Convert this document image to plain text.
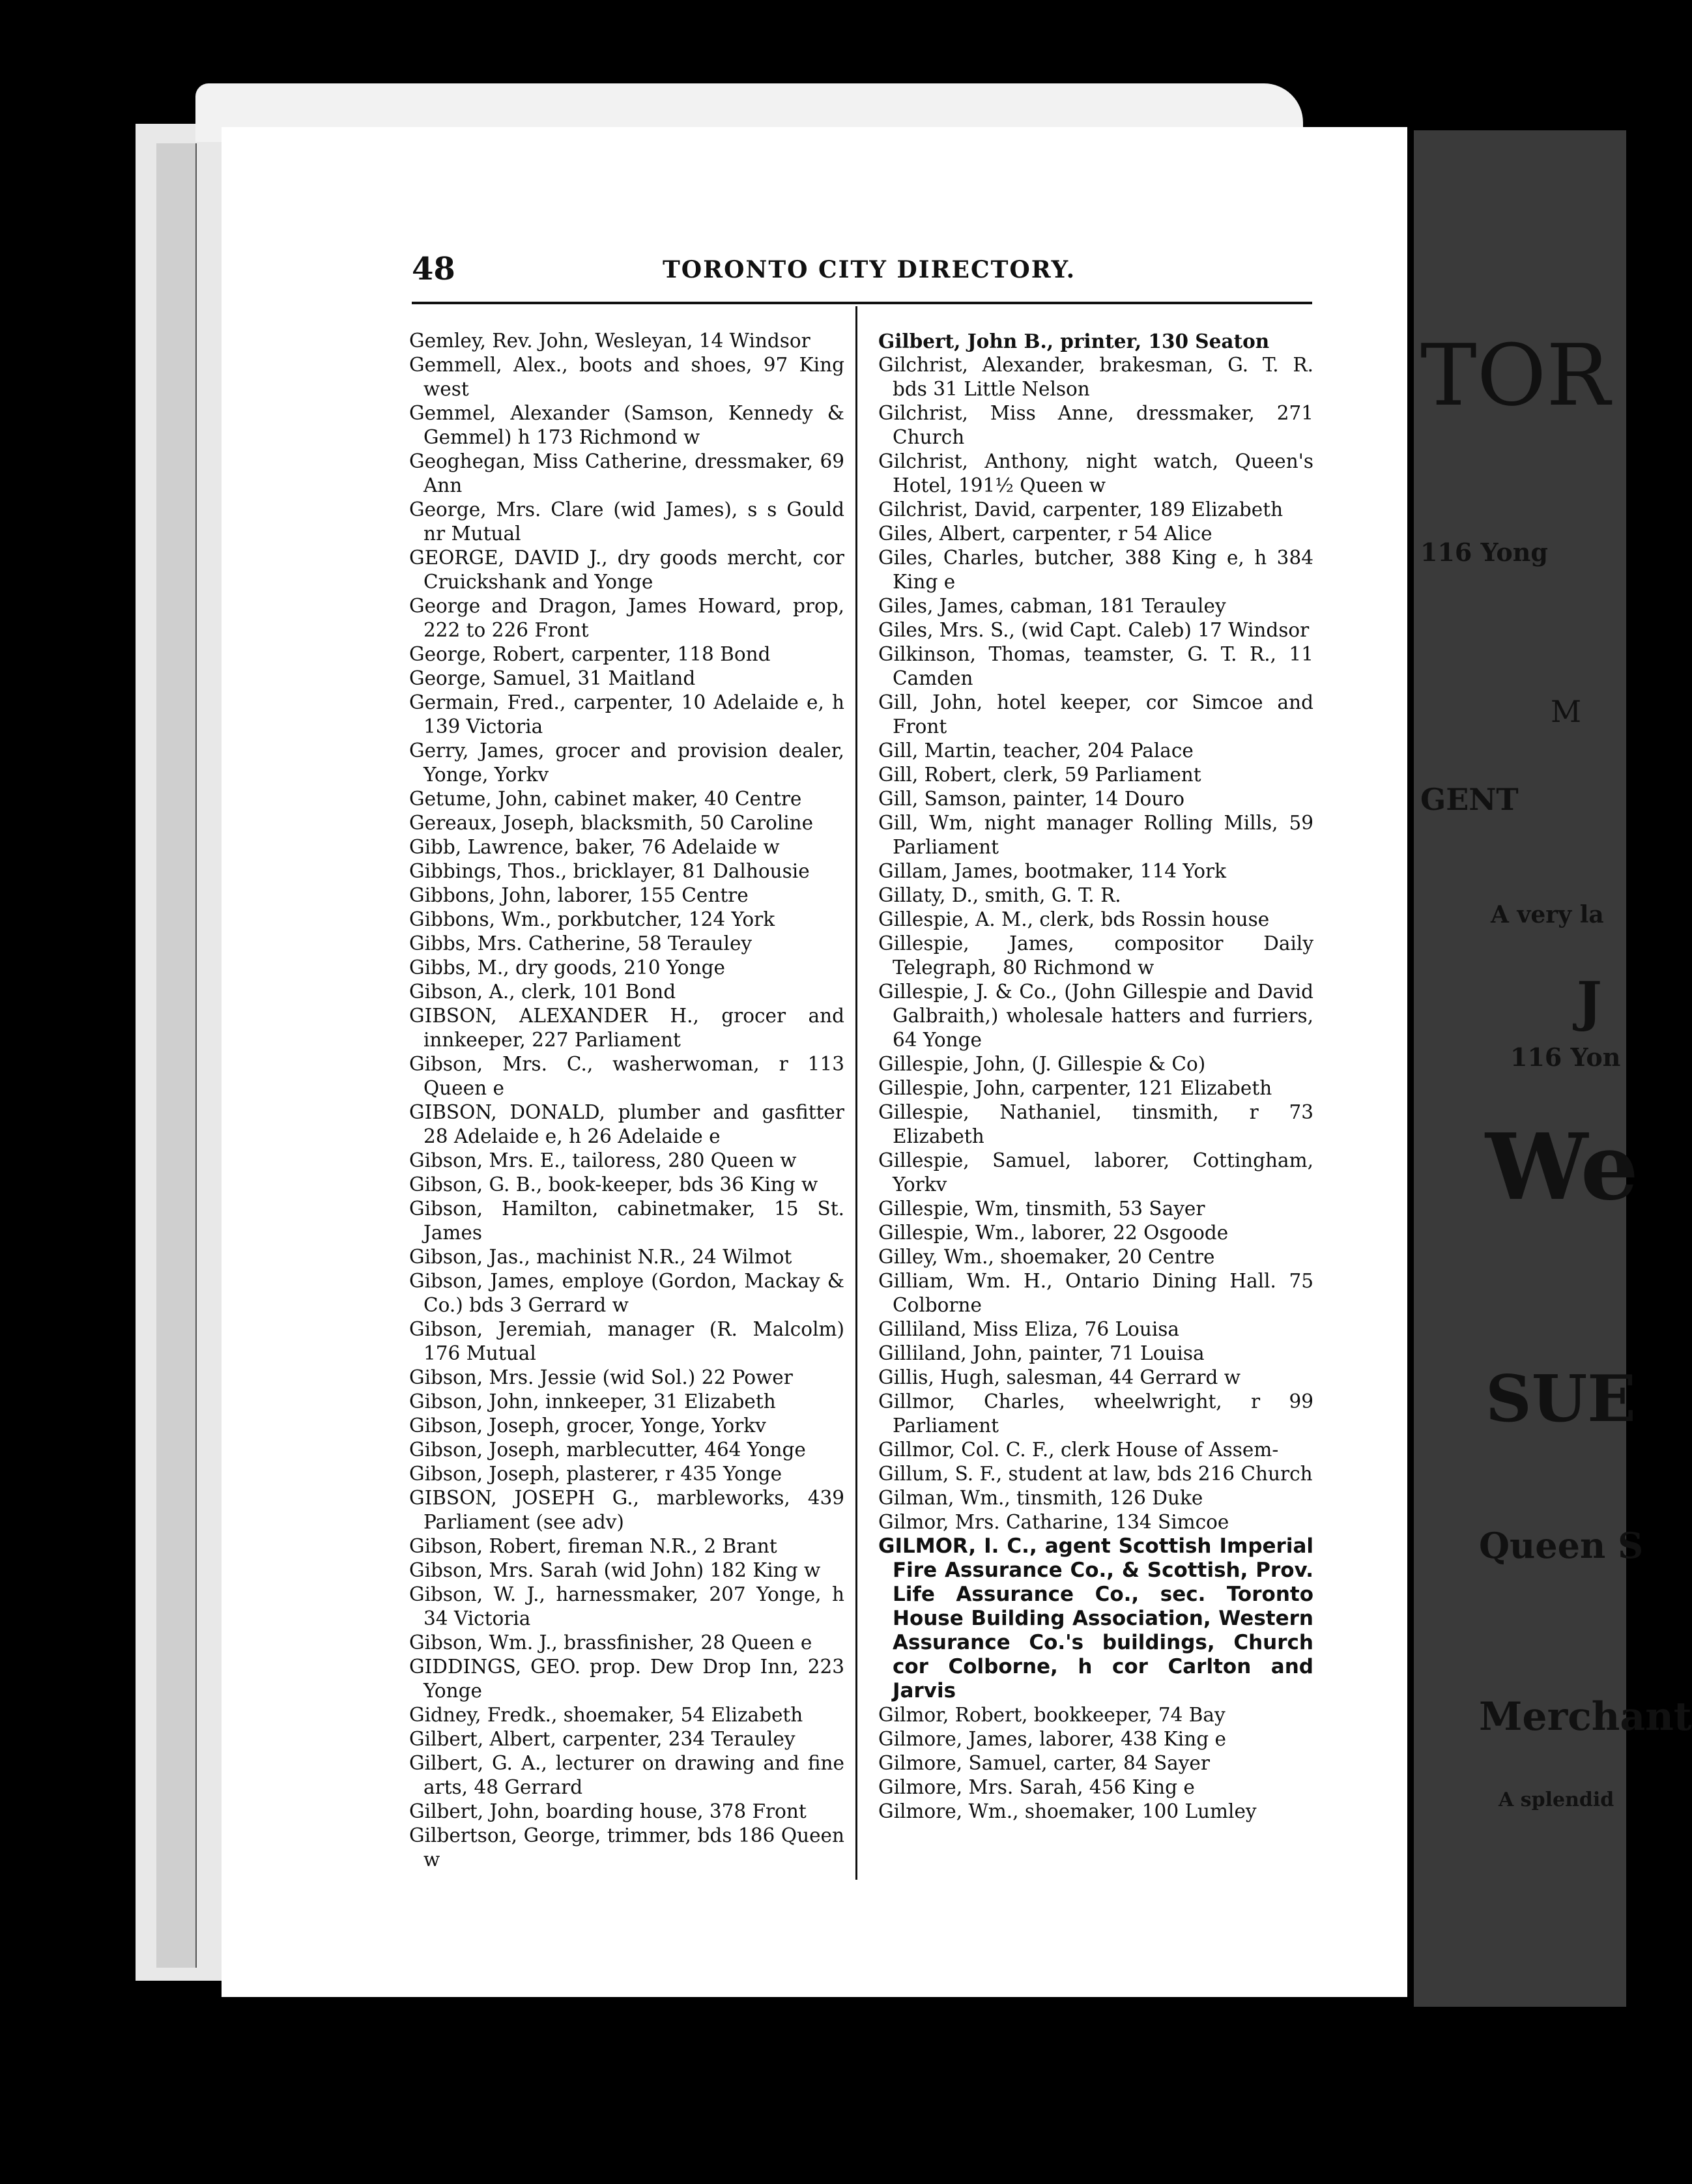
TOR
116 Yong
M
GENT
A very la
J
116 Yon
We
SUE
Queen S
Merchant
A splendid
48	TORONTO CITY DIRECTORY.
Gemley, Rev. John, Wesleyan, 14 Windsor
Gemmell, Alex., boots and shoes, 97 King west
Gemmel, Alexander (Samson, Kennedy & Gemmel) h 173 Richmond w
Geoghegan, Miss Catherine, dressmaker, 69 Ann
George, Mrs. Clare (wid James), s s Gould nr Mutual
GEORGE, DAVID J., dry goods mercht, cor Cruickshank and Yonge
George and Dragon, James Howard, prop, 222 to 226 Front
George, Robert, carpenter, 118 Bond
George, Samuel, 31 Maitland
Germain, Fred., carpenter, 10 Adelaide e, h 139 Victoria
Gerry, James, grocer and provision dealer, Yonge, Yorkv
Getume, John, cabinet maker, 40 Centre
Gereaux, Joseph, blacksmith, 50 Caroline
Gibb, Lawrence, baker, 76 Adelaide w
Gibbings, Thos., bricklayer, 81 Dalhousie
Gibbons, John, laborer, 155 Centre
Gibbons, Wm., porkbutcher, 124 York
Gibbs, Mrs. Catherine, 58 Terauley
Gibbs, M., dry goods, 210 Yonge
Gibson, A., clerk, 101 Bond
GIBSON, ALEXANDER H., grocer and innkeeper, 227 Parliament
Gibson, Mrs. C., washerwoman, r 113 Queen e
GIBSON, DONALD, plumber and gasfitter 28 Adelaide e, h 26 Adelaide e
Gibson, Mrs. E., tailoress, 280 Queen w
Gibson, G. B., book-keeper, bds 36 King w
Gibson, Hamilton, cabinetmaker, 15 St. James
Gibson, Jas., machinist N.R., 24 Wilmot
Gibson, James, employe (Gordon, Mackay & Co.) bds 3 Gerrard w
Gibson, Jeremiah, manager (R. Malcolm) 176 Mutual
Gibson, Mrs. Jessie (wid Sol.) 22 Power
Gibson, John, innkeeper, 31 Elizabeth
Gibson, Joseph, grocer, Yonge, Yorkv
Gibson, Joseph, marblecutter, 464 Yonge
Gibson, Joseph, plasterer, r 435 Yonge
GIBSON, JOSEPH G., marbleworks, 439 Parliament (see adv)
Gibson, Robert, fireman N.R., 2 Brant
Gibson, Mrs. Sarah (wid John) 182 King w
Gibson, W. J., harnessmaker, 207 Yonge, h 34 Victoria
Gibson, Wm. J., brassfinisher, 28 Queen e
GIDDINGS, GEO. prop. Dew Drop Inn, 223 Yonge
Gidney, Fredk., shoemaker, 54 Elizabeth
Gilbert, Albert, carpenter, 234 Terauley
Gilbert, G. A., lecturer on drawing and fine arts, 48 Gerrard
Gilbert, John, boarding house, 378 Front
Gilbertson, George, trimmer, bds 186 Queen w
Gilbert, John B., printer, 130 Seaton
Gilchrist, Alexander, brakesman, G. T. R. bds 31 Little Nelson
Gilchrist, Miss Anne, dressmaker, 271 Church
Gilchrist, Anthony, night watch, Queen's Hotel, 191½ Queen w
Gilchrist, David, carpenter, 189 Elizabeth
Giles, Albert, carpenter, r 54 Alice
Giles, Charles, butcher, 388 King e, h 384 King e
Giles, James, cabman, 181 Terauley
Giles, Mrs. S., (wid Capt. Caleb) 17 Windsor
Gilkinson, Thomas, teamster, G. T. R., 11 Camden
Gill, John, hotel keeper, cor Simcoe and Front
Gill, Martin, teacher, 204 Palace
Gill, Robert, clerk, 59 Parliament
Gill, Samson, painter, 14 Douro
Gill, Wm, night manager Rolling Mills, 59 Parliament
Gillam, James, bootmaker, 114 York
Gillaty, D., smith, G. T. R.
Gillespie, A. M., clerk, bds Rossin house
Gillespie, James, compositor Daily Telegraph, 80 Richmond w
Gillespie, J. & Co., (John Gillespie and David Galbraith,) wholesale hatters and furriers, 64 Yonge
Gillespie, John, (J. Gillespie & Co)
Gillespie, John, carpenter, 121 Elizabeth
Gillespie, Nathaniel, tinsmith, r 73 Elizabeth
Gillespie, Samuel, laborer, Cottingham, Yorkv
Gillespie, Wm, tinsmith, 53 Sayer
Gillespie, Wm., laborer, 22 Osgoode
Gilley, Wm., shoemaker, 20 Centre
Gilliam, Wm. H., Ontario Dining Hall. 75 Colborne
Gilliland, Miss Eliza, 76 Louisa
Gilliland, John, painter, 71 Louisa
Gillis, Hugh, salesman, 44 Gerrard w
Gillmor, Charles, wheelwright, r 99 Parliament
Gillmor, Col. C. F., clerk House of Assem-
Gillum, S. F., student at law, bds 216 Church
Gilman, Wm., tinsmith, 126 Duke
Gilmor, Mrs. Catharine, 134 Simcoe
GILMOR, I. C., agent Scottish Imperial Fire Assurance Co., & Scottish, Prov. Life Assurance Co., sec. Toronto House Building Association, Western Assurance Co.'s buildings, Church cor Colborne, h cor Carlton and Jarvis
Gilmor, Robert, bookkeeper, 74 Bay
Gilmore, James, laborer, 438 King e
Gilmore, Samuel, carter, 84 Sayer
Gilmore, Mrs. Sarah, 456 King e
Gilmore, Wm., shoemaker, 100 Lumley
